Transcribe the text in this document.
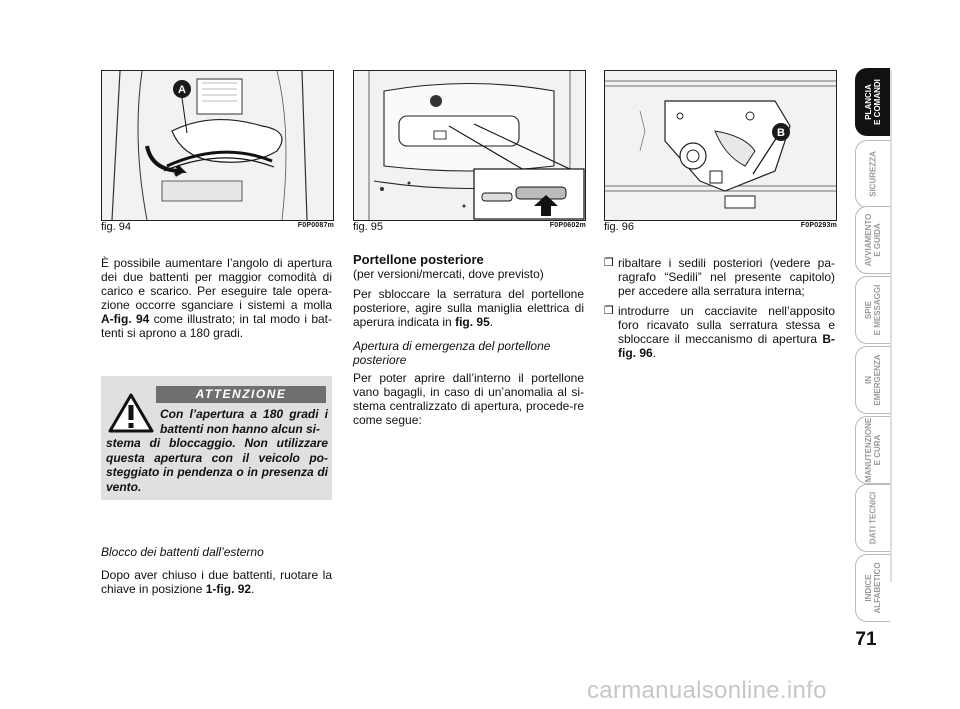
A
fig. 94	F0P0087m fig. 95	F0P0602m
B
fig. 96	F0P0293m

È possibile aumentare l’angolo di apertura dei due battenti per maggior comodità di carico e scarico. Per eseguire tale opera-zione occorre sganciare i sistemi a molla A-fig. 94 come illustrato; in tal modo i bat-tenti si aprono a 180 gradi.

ATTENZIONE
Con l’apertura a 180 gradi i battenti non hanno alcun si-
stema di bloccaggio. Non utilizzare questa apertura con il veicolo po-steggiato in pendenza o in presenza di vento.

Blocco dei battenti dall’esterno

Dopo aver chiuso i due battenti, ruotare la chiave in posizione 1-fig. 92.

Portellone posteriore

(per versioni/mercati, dove previsto)

Per sbloccare la serratura del portellone posteriore, agire sulla maniglia elettrica di aperura indicata in fig. 95.

Apertura di emergenza del portellone posteriore

Per poter aprire dall’interno il portellone vano bagagli, in caso di un’anomalia al si-stema centralizzato di apertura, procede-re come segue:

❒ ribaltare i sedili posteriori (vedere pa-ragrafo “Sedili” nel presente capitolo) per accedere alla serratura interna;
❒ introdurre un cacciavite nell’apposito foro ricavato sulla serratura stessa e sbloccare il meccanismo di apertura B-fig. 96.
PLANCIA
E COMANDI
SICUREZZA
AVVIAMENTO
E GUIDA
SPIE
E MESSAGGI
IN
EMERGENZA
MANUTENZIONE
E CURA
DATI TECNICI
INDICE
ALFABETICO
71
carmanualsonline.info
